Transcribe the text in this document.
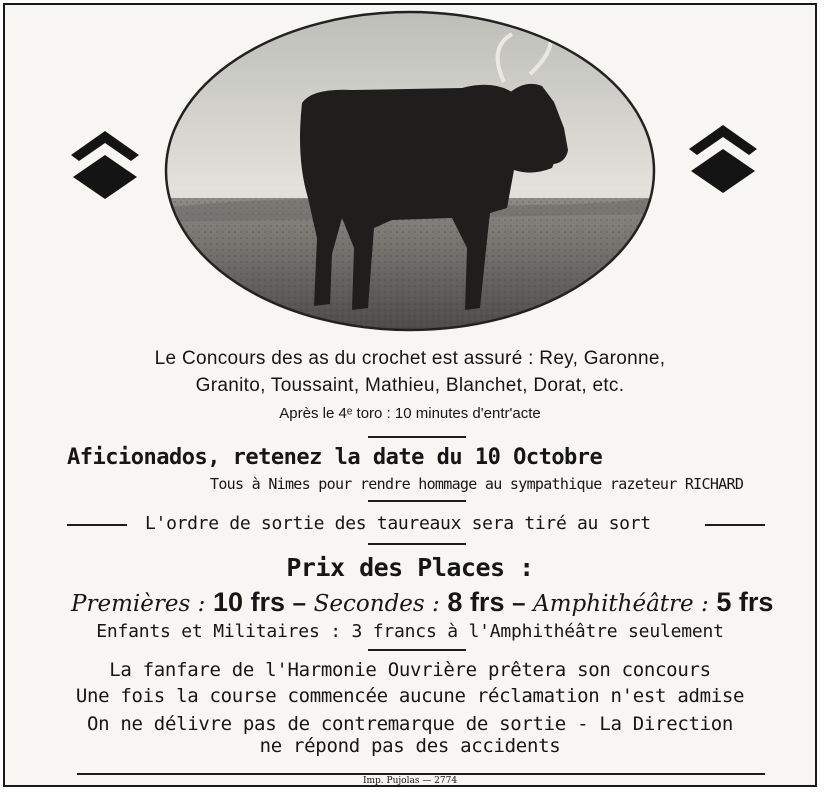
Le Concours des as du crochet est assuré : Rey, Garonne,
Granito, Toussaint, Mathieu, Blanchet, Dorat, etc.
Après le 4ᵉ toro : 10 minutes d'entr'acte
Aficionados, retenez la date du 10 Octobre
Tous à Nimes pour rendre hommage au sympathique razeteur RICHARD
L'ordre de sortie des taureaux sera tiré au sort
Prix des Places :
Premières : 10 frs – Secondes : 8 frs – Amphithéâtre : 5 frs
Enfants et Militaires : 3 francs à l'Amphithéâtre seulement
La fanfare de l'Harmonie Ouvrière prêtera son concours
Une fois la course commencée aucune réclamation n'est admise
On ne délivre pas de contremarque de sortie - La Direction
ne répond pas des accidents
Imp. Pujolas — 2774
